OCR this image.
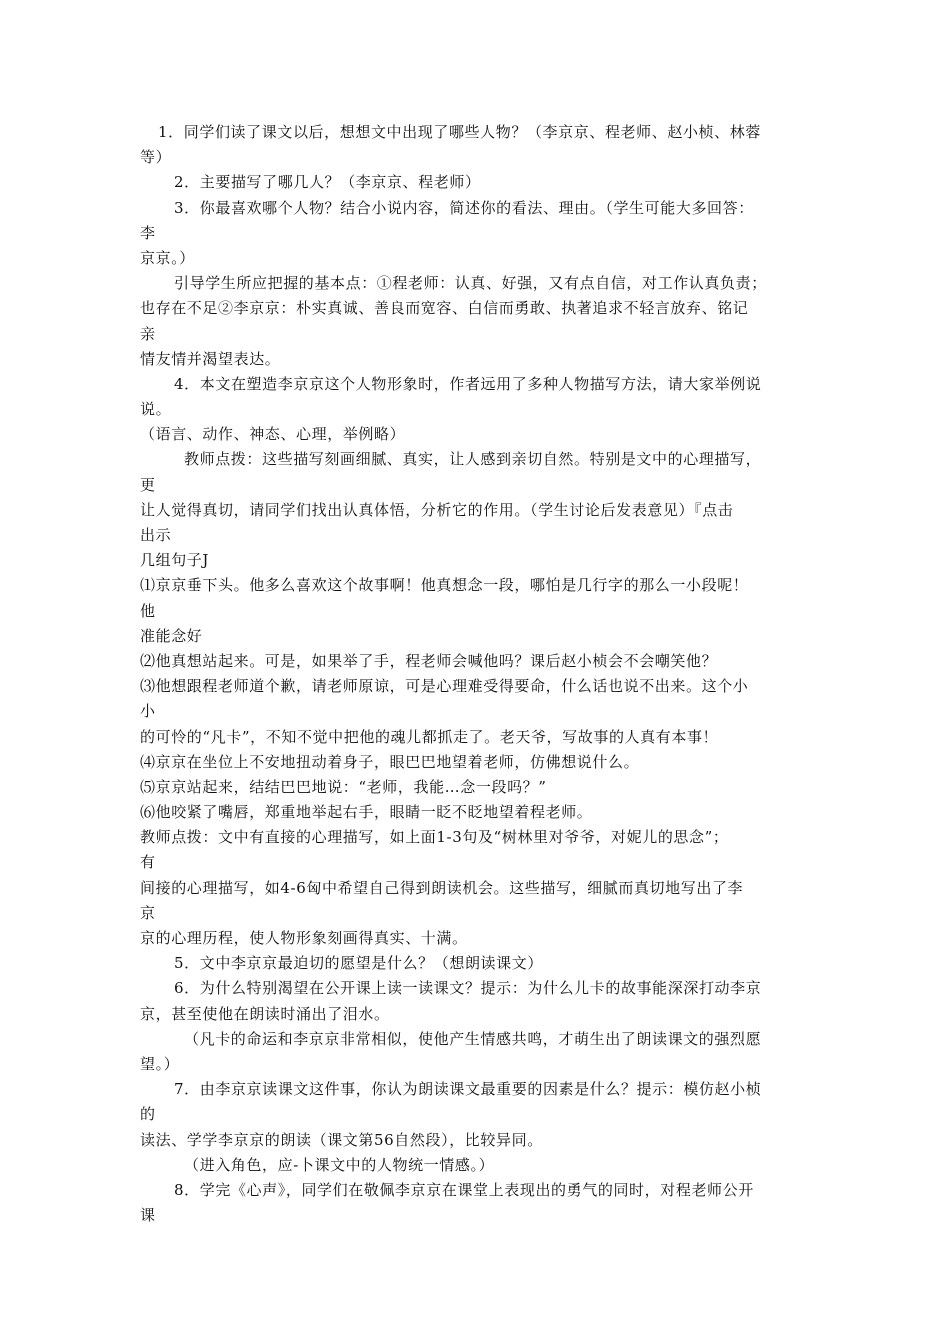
1．同学们读了课文以后，想想文中出现了哪些人物？（李京京、程老师、赵小桢、林蓉
等）
2．主要描写了哪几人？（李京京、程老师）
3．你最喜欢哪个人物？结合小说内容，简述你的看法、理由。（学生可能大多回答：
李
京京。）
引导学生所应把握的基本点：①程老师：认真、好强，又有点自信，对工作认真负责；
也存在不足②李京京：朴实真诚、善良而宽容、白信而勇敢、执著追求不轻言放弃、铭记
亲
情友情并渴望表达。
4．本文在塑造李京京这个人物形象时，作者远用了多种人物描写方法，请大家举例说
说。
（语言、动作、神态、心理，举例略）
教师点拨：这些描写刻画细腻、真实，让人感到亲切自然。特别是文中的心理描写，
更
让人觉得真切，请同学们找出认真体悟，分析它的作用。（学生讨论后发表意见）『点击
出示
几组句子J
⑴京京垂下头。他多么喜欢这个故事啊！他真想念一段，哪怕是几行字的那么一小段呢！
他
准能念好
⑵他真想站起来。可是，如果举了手，程老师会喊他吗？课后赵小桢会不会嘲笑他？
⑶他想跟程老师道个歉，请老师原谅，可是心理难受得要命，什么话也说不出来。这个小
小
的可怜的“凡卡”，不知不觉中把他的魂儿都抓走了。老天爷，写故事的人真有本事！
⑷京京在坐位上不安地扭动着身子，眼巴巴地望着老师，仿佛想说什么。
⑸京京站起来，结结巴巴地说：“老师，我能…念一段吗？”
⑹他咬紧了嘴唇，郑重地举起右手，眼睛一眨不眨地望着程老师。
教师点拨：文中有直接的心理描写，如上面1-3句及“树林里对爷爷，对妮儿的思念”；
有
间接的心理描写，如4-6匈中希望自己得到朗读机会。这些描写，细腻而真切地写出了李
京
京的心理历程，使人物形象刻画得真实、十满。
5．文中李京京最迫切的愿望是什么？（想朗读课文）
6．为什么特别渴望在公开课上读一读课文？提示：为什么儿卡的故事能深深打动李京
京，甚至使他在朗读时涌出了泪水。
（凡卡的命运和李京京非常相似，使他产生情感共鸣，才萌生出了朗读课文的强烈愿
望。）
7．由李京京读课文这件事，你认为朗读课文最重要的因素是什么？提示：模仿赵小桢
的
读法、学学李京京的朗读（课文第56自然段），比较异同。
（进入角色，应-卜课文中的人物统一情感。）
8．学完《心声》，同学们在敬佩李京京在课堂上表现出的勇气的同时，对程老师公开
课
